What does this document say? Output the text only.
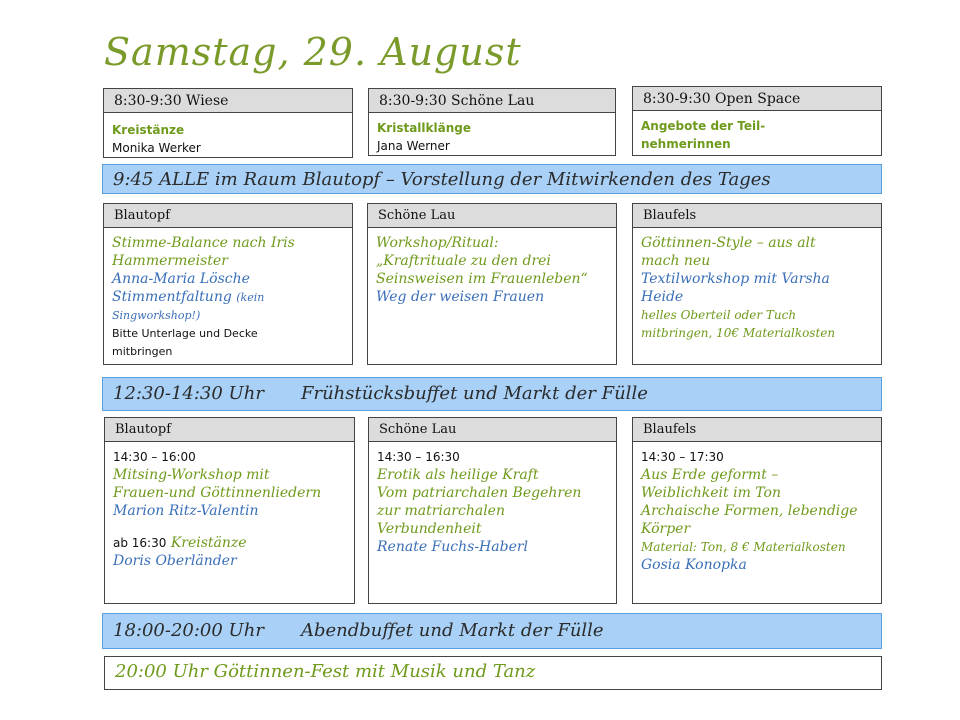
Samstag, 29. August
8:30-9:30 Wiese
Kreistänze
Monika Werker
8:30-9:30 Schöne Lau
Kristallklänge
Jana Werner
8:30-9:30 Open Space
Angebote der Teil-
nehmerinnen
9:45 ALLE im Raum Blautopf – Vorstellung der Mitwirkenden des Tages
Blautopf
Stimme-Balance nach Iris
Hammermeister
Anna-Maria Lösche
Stimmentfaltung (kein
Singworkshop!)
Bitte Unterlage und Decke
mitbringen
Schöne Lau
Workshop/Ritual:
„Kraftrituale zu den drei
Seinsweisen im Frauenleben“
Weg der weisen Frauen
Blaufels
Göttinnen-Style – aus alt
mach neu
Textilworkshop mit Varsha
Heide
helles Oberteil oder Tuch
mitbringen, 10€ Materialkosten
12:30-14:30 Uhr Frühstücksbuffet und Markt der Fülle
Blautopf
14:30 – 16:00
Mitsing-Workshop mit
Frauen-und Göttinnenliedern
Marion Ritz-Valentin
ab 16:30 Kreistänze
Doris Oberländer
Schöne Lau
14:30 – 16:30
Erotik als heilige Kraft
Vom patriarchalen Begehren
zur matriarchalen
Verbundenheit
Renate Fuchs-Haberl
Blaufels
14:30 – 17:30
Aus Erde geformt –
Weiblichkeit im Ton
Archaische Formen, lebendige
Körper
Material: Ton, 8 € Materialkosten
Gosia Konopka
18:00-20:00 Uhr Abendbuffet und Markt der Fülle
20:00 Uhr Göttinnen-Fest mit Musik und Tanz
